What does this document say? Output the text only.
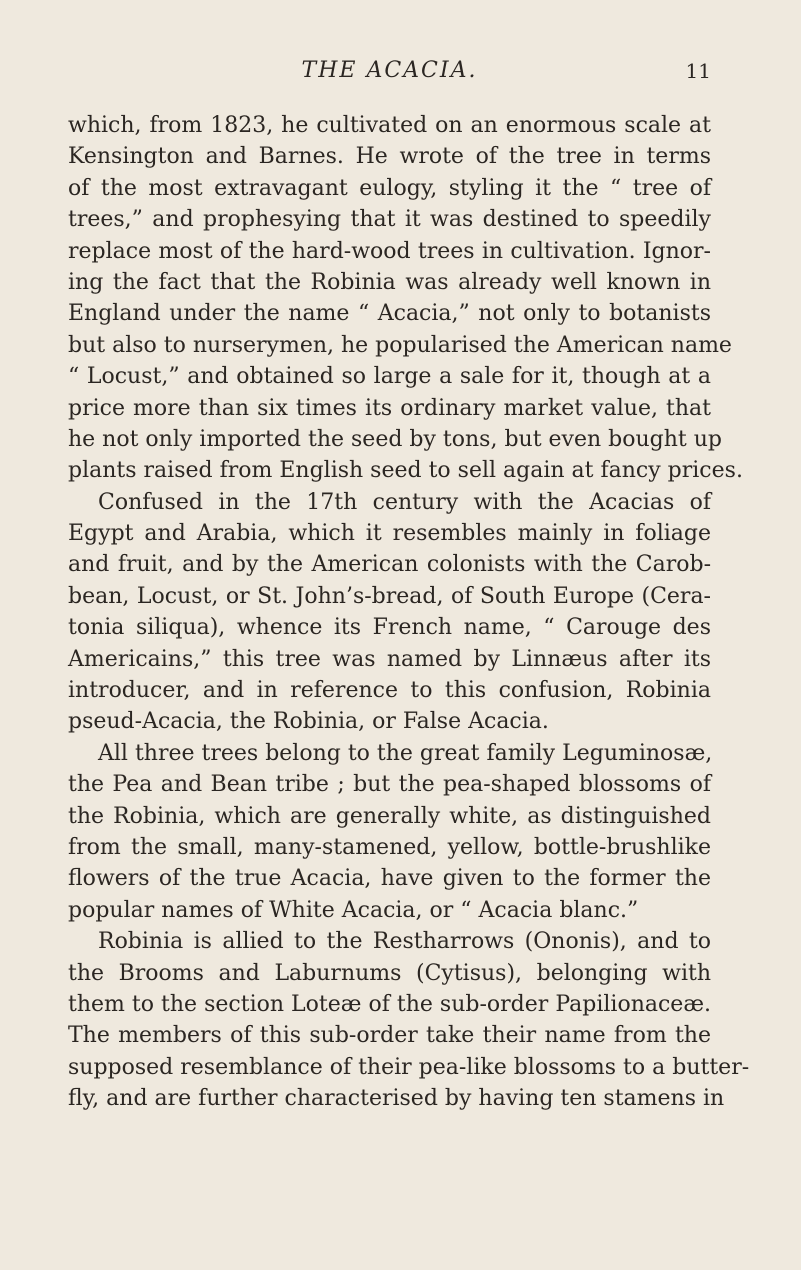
THE ACACIA.	11
which, from 1823, he cultivated on an enormous scale at
Kensington and Barnes. He wrote of the tree in terms
of the most extravagant eulogy, styling it the “ tree of
trees,” and prophesying that it was destined to speedily
replace most of the hard-wood trees in cultivation. Ignor-
ing the fact that the Robinia was already well known in
England under the name “ Acacia,” not only to botanists
but also to nurserymen, he popularised the American name
“ Locust,” and obtained so large a sale for it, though at a
price more than six times its ordinary market value, that
he not only imported the seed by tons, but even bought up
plants raised from English seed to sell again at fancy prices.
Confused in the 17th century with the Acacias of
Egypt and Arabia, which it resembles mainly in foliage
and fruit, and by the American colonists with the Carob-
bean, Locust, or St. John’s-bread, of South Europe (Cera-
tonia siliqua), whence its French name, “ Carouge des
Americains,” this tree was named by Linnæus after its
introducer, and in reference to this confusion, Robinia
pseud-Acacia, the Robinia, or False Acacia.
All three trees belong to the great family Leguminosæ,
the Pea and Bean tribe ; but the pea-shaped blossoms of
the Robinia, which are generally white, as distinguished
from the small, many-stamened, yellow, bottle-brushlike
flowers of the true Acacia, have given to the former the
popular names of White Acacia, or “ Acacia blanc.”
Robinia is allied to the Restharrows (Ononis), and to
the Brooms and Laburnums (Cytisus), belonging with
them to the section Loteæ of the sub-order Papilionaceæ.
The members of this sub-order take their name from the
supposed resemblance of their pea-like blossoms to a butter-
fly, and are further characterised by having ten stamens in
